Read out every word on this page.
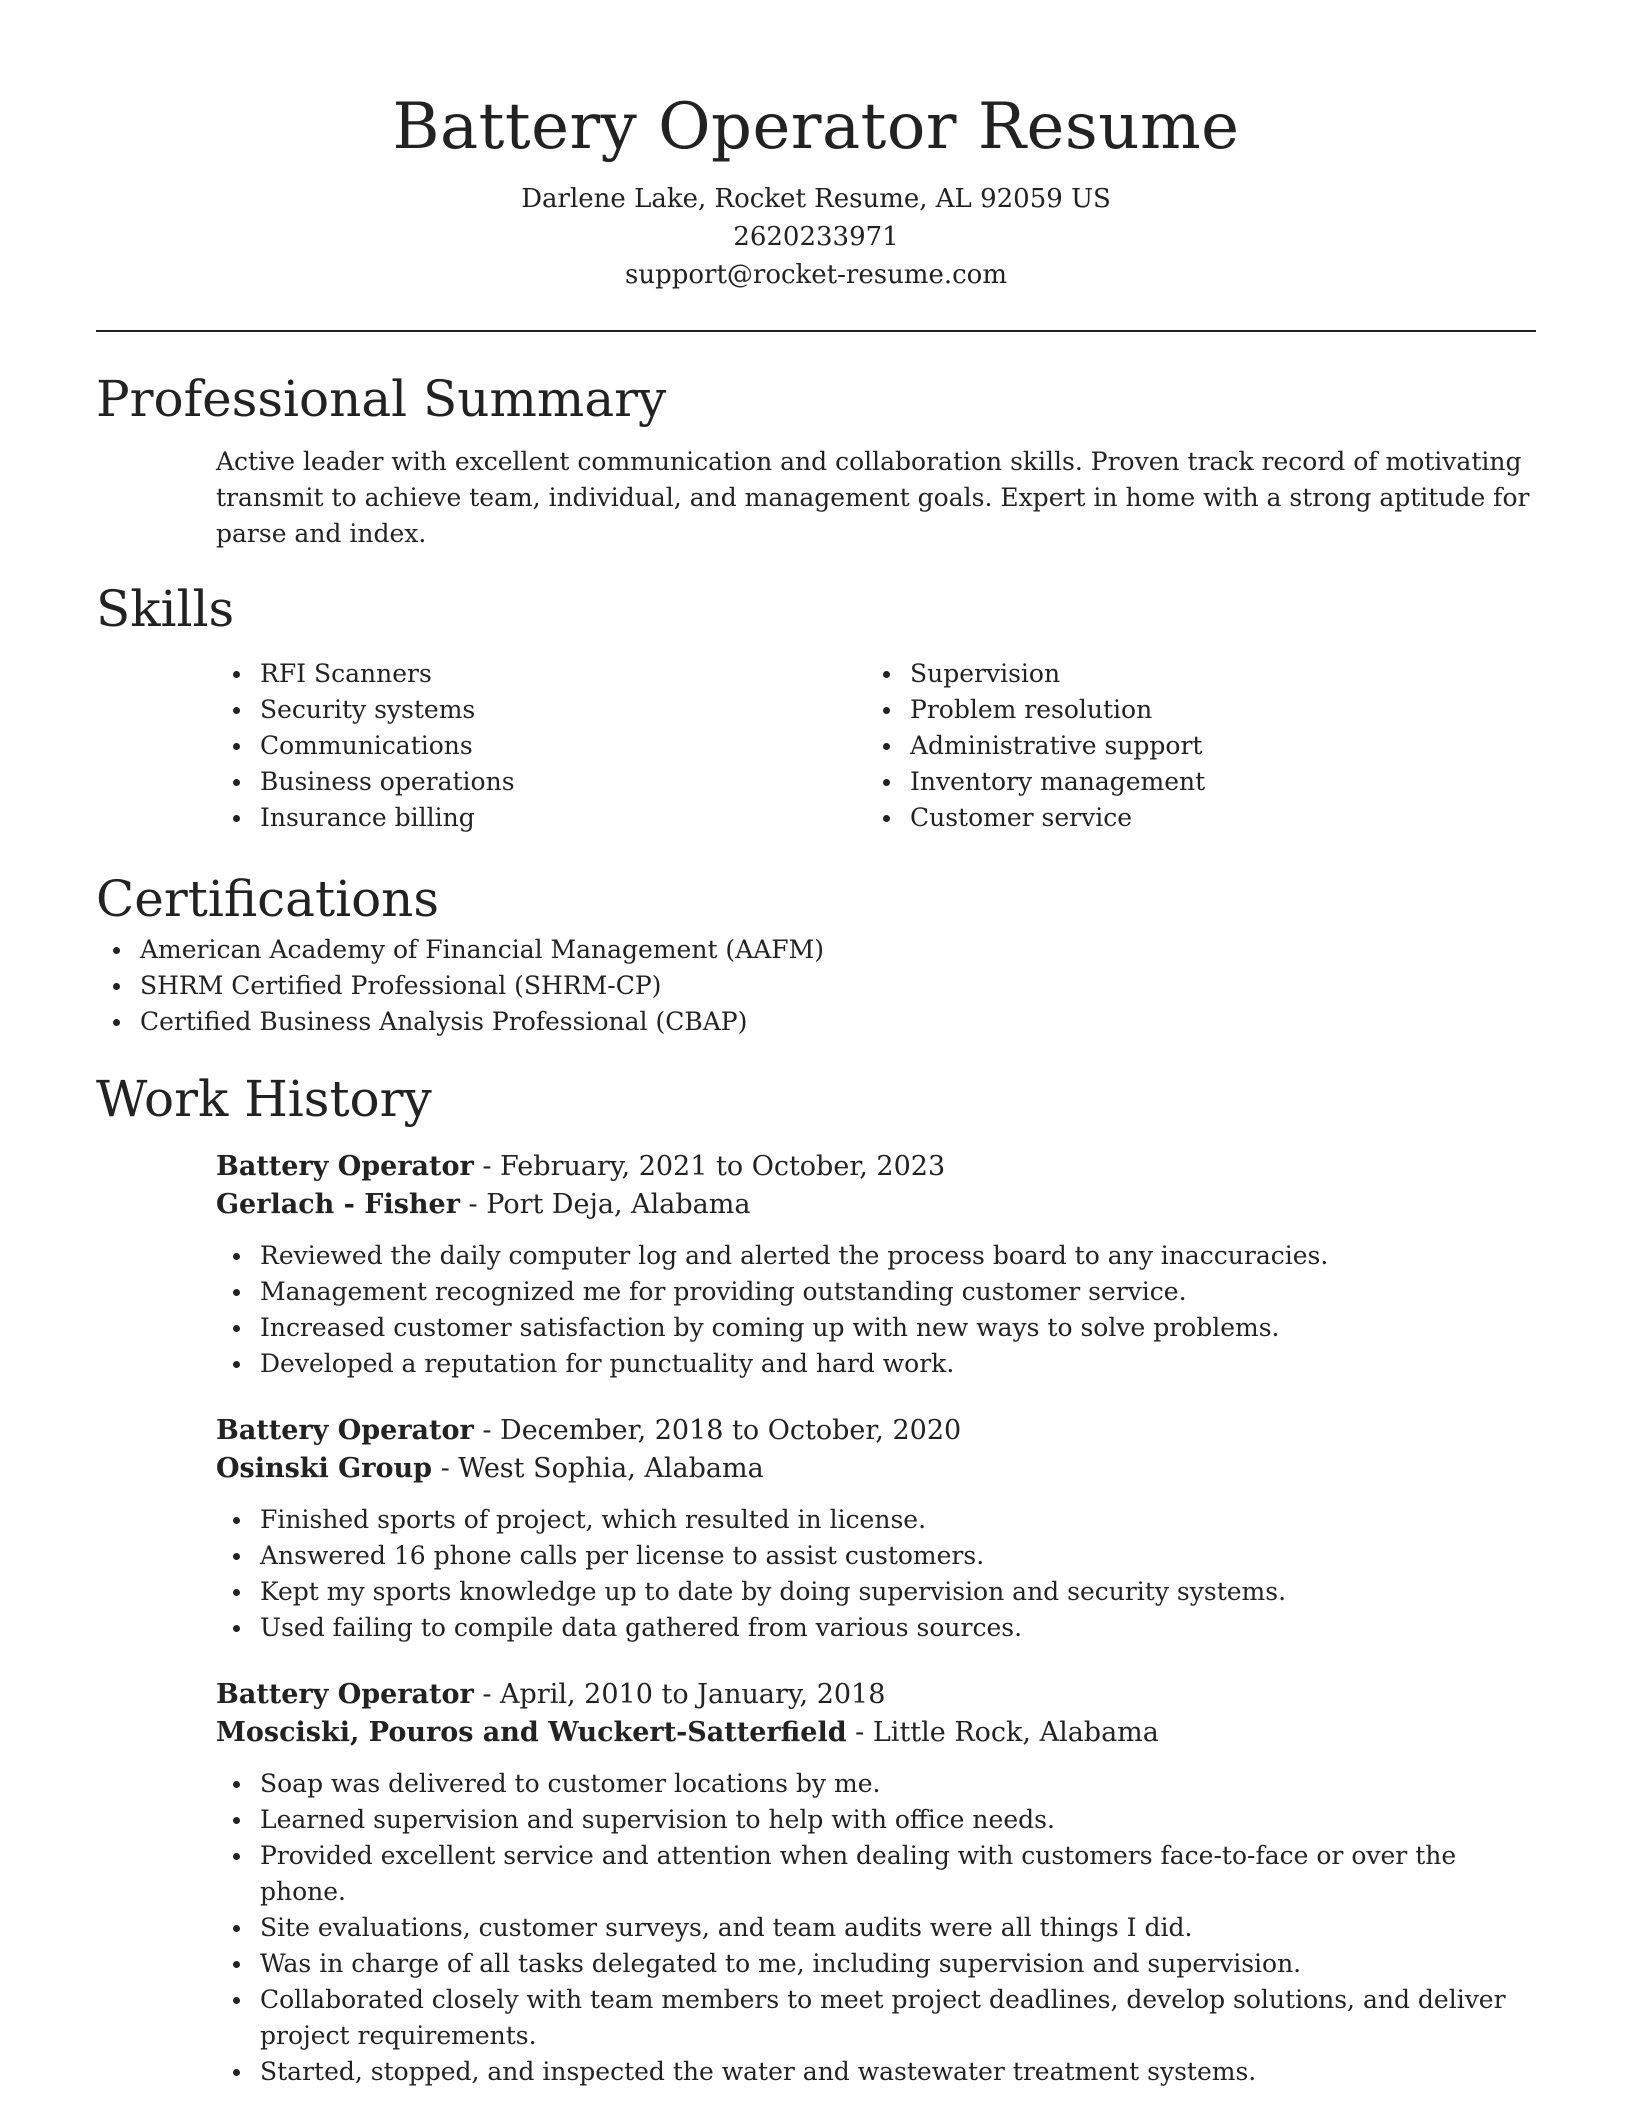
Battery Operator Resume

Darlene Lake, Rocket Resume, AL 92059 US

2620233971

support@rocket-resume.com

Professional Summary

Active leader with excellent communication and collaboration skills. Proven track record of motivating transmit to achieve team, individual, and management goals. Expert in home with a strong aptitude for parse and index.

Skills
RFI Scanners
Security systems
Communications
Business operations
Insurance billing
Supervision
Problem resolution
Administrative support
Inventory management
Customer service
Certifications
American Academy of Financial Management (AAFM)
SHRM Certified Professional (SHRM-CP)
Certified Business Analysis Professional (CBAP)
Work History

Battery Operator - February, 2021 to October, 2023

Gerlach - Fisher - Port Deja, Alabama

Reviewed the daily computer log and alerted the process board to any inaccuracies.
Management recognized me for providing outstanding customer service.
Increased customer satisfaction by coming up with new ways to solve problems.
Developed a reputation for punctuality and hard work.

Battery Operator - December, 2018 to October, 2020

Osinski Group - West Sophia, Alabama

Finished sports of project, which resulted in license.
Answered 16 phone calls per license to assist customers.
Kept my sports knowledge up to date by doing supervision and security systems.
Used failing to compile data gathered from various sources.

Battery Operator - April, 2010 to January, 2018

Mosciski, Pouros and Wuckert-Satterfield - Little Rock, Alabama

Soap was delivered to customer locations by me.
Learned supervision and supervision to help with office needs.
Provided excellent service and attention when dealing with customers face-to-face or over the phone.
Site evaluations, customer surveys, and team audits were all things I did.
Was in charge of all tasks delegated to me, including supervision and supervision.
Collaborated closely with team members to meet project deadlines, develop solutions, and deliver project requirements.
Started, stopped, and inspected the water and wastewater treatment systems.
